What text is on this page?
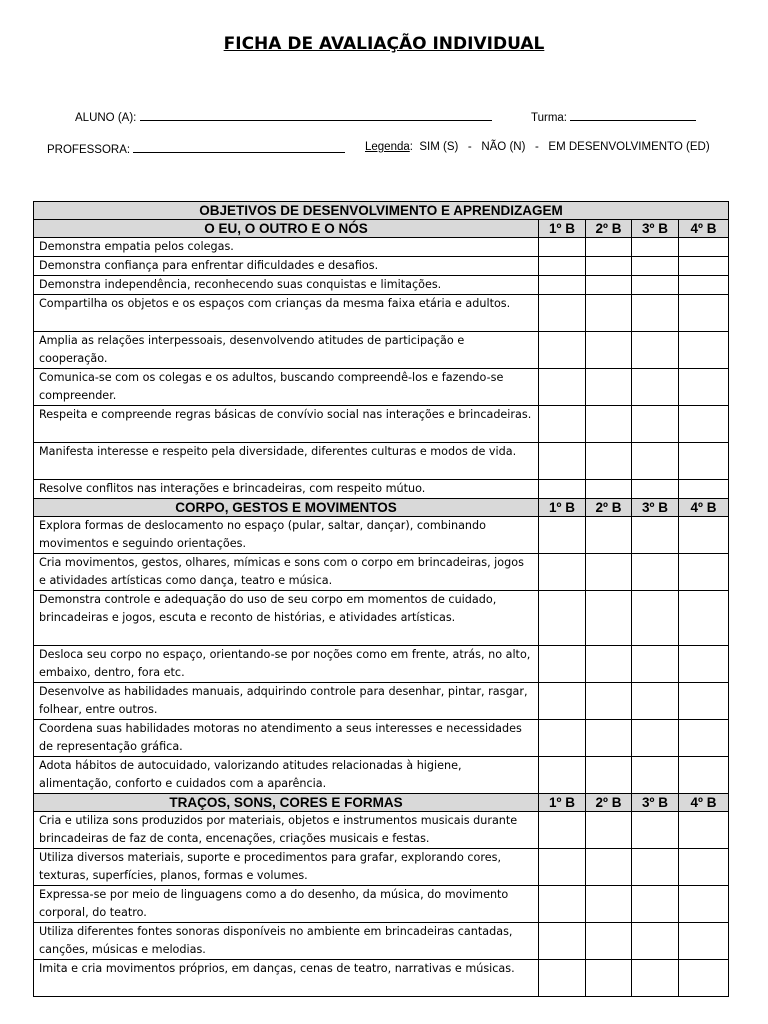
FICHA DE AVALIAÇÃO INDIVIDUAL
ALUNO (A):	Turma:
PROFESSORA:	Legenda:  SIM (S)   -   NÃO (N)   -   EM DESENVOLVIMENTO (ED)
OBJETIVOS DE DESENVOLVIMENTO E APRENDIZAGEM				
O EU, O OUTRO E O NÓS	1º B	2º B	3º B	4º B
Demonstra empatia pelos colegas.				
Demonstra confiança para enfrentar dificuldades e desafios.				
Demonstra independência, reconhecendo suas conquistas e limitações.				
Compartilha os objetos e os espaços com crianças da mesma faixa etária e adultos.				
Amplia as relações interpessoais, desenvolvendo atitudes de participação e cooperação.				
Comunica-se com os colegas e os adultos, buscando compreendê-los e fazendo-se compreender.				
Respeita e compreende regras básicas de convívio social nas interações e brincadeiras.				
Manifesta interesse e respeito pela diversidade, diferentes culturas e modos de vida.				
Resolve conflitos nas interações e brincadeiras, com respeito mútuo.				
CORPO, GESTOS E MOVIMENTOS	1º B	2º B	3º B	4º B
Explora formas de deslocamento no espaço (pular, saltar, dançar), combinando movimentos e seguindo orientações.				
Cria movimentos, gestos, olhares, mímicas e sons com o corpo em brincadeiras, jogos e atividades artísticas como dança, teatro e música.				
Demonstra controle e adequação do uso de seu corpo em momentos de cuidado, brincadeiras e jogos, escuta e reconto de histórias, e atividades artísticas.				
Desloca seu corpo no espaço, orientando-se por noções como em frente, atrás, no alto, embaixo, dentro, fora etc.				
Desenvolve as habilidades manuais, adquirindo controle para desenhar, pintar, rasgar, folhear, entre outros.				
Coordena suas habilidades motoras no atendimento a seus interesses e necessidades de representação gráfica.				
Adota hábitos de autocuidado, valorizando atitudes relacionadas à higiene, alimentação, conforto e cuidados com a aparência.				
TRAÇOS, SONS, CORES E FORMAS	1º B	2º B	3º B	4º B
Cria e utiliza sons produzidos por materiais, objetos e instrumentos musicais durante brincadeiras de faz de conta, encenações, criações musicais e festas.				
Utiliza diversos materiais, suporte e procedimentos para grafar, explorando cores, texturas, superfícies, planos, formas e volumes.				
Expressa-se por meio de linguagens como a do desenho, da música, do movimento corporal, do teatro.				
Utiliza diferentes fontes sonoras disponíveis no ambiente em brincadeiras cantadas, canções, músicas e melodias.				
Imita e cria movimentos próprios, em danças, cenas de teatro, narrativas e músicas.				
